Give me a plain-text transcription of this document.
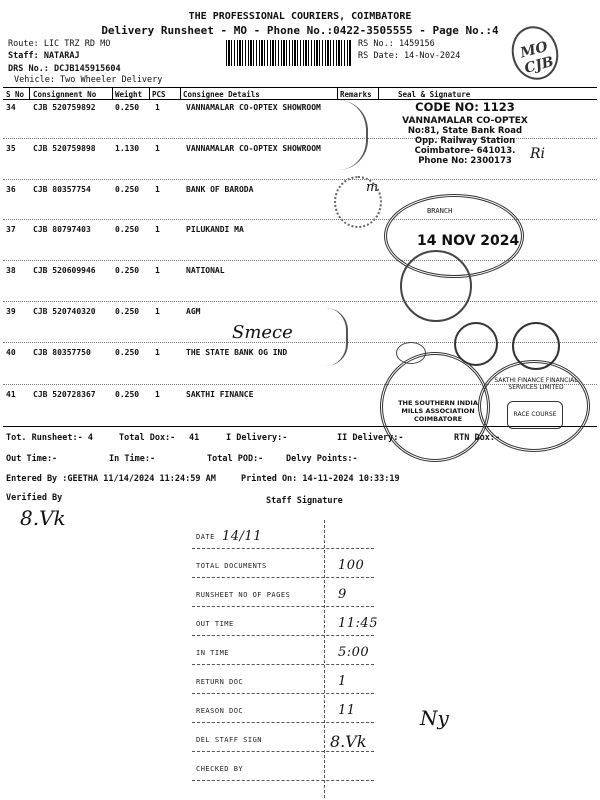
THE PROFESSIONAL COURIERS, COIMBATORE
Delivery Runsheet - MO - Phone No.:0422-3505555 - Page No.:4
Route: LIC TRZ RD MO
Staff: NATARAJ
DRS No.: DCJB145915604
Vehicle: Two Wheeler Delivery
RS No.: 1459156
RS Date: 14-Nov-2024	MO CJB
S No Consignment No	Weight PCS Consignee Details	Remarks	Seal & Signature
34 CJB 520759892 0.250 1	VANNAMALAR CO-OPTEX SHOWROOM
35 CJB 520759898 1.130 1	VANNAMALAR CO-OPTEX SHOWROOM
36 CJB 80357754	0.250 1	BANK OF BARODA
37 CJB 80797403	0.250 1	PILUKANDI MA
38 CJB 520609946 0.250 1	NATIONAL
39 CJB 520740320 0.250 1	AGM
40 CJB 80357750	0.250 1	THE STATE BANK OG IND
41 CJB 520728367 0.250 1	SAKTHI FINANCE
CODE NO: 1123
VANNAMALAR CO-OPTEX
No:81, State Bank Road
Opp. Railway Station
Coimbatore- 641013.
Phone No: 2300173	Ri
m
BRANCH
14 NOV 2024
Smece
THE SOUTHERN INDIA MILLS ASSOCIATION COIMBATORE
SAKTHI FINANCE FINANCIAL SERVICES LIMITED
RACE COURSE
Tot. Runsheet:- 4	Total Dox:- 41	I Delivery:-	II Delivery:-	RTN Dox:-
Out Time:-	In Time:-	Total POD:-	Delvy Points:-
Entered By :GEETHA 11/14/2024 11:24:59 AM	Printed On: 14-11-2024 10:33:19
Verified By	Staff Signature
8.Vk
DATE 14/11
TOTAL DOCUMENTS	100
RUNSHEET NO OF PAGES	9
OUT TIME	11:45
IN TIME	5:00
RETURN DOC	1
REASON DOC	11
DEL STAFF SIGN
CHECKED BY
8.Vk
Ny
